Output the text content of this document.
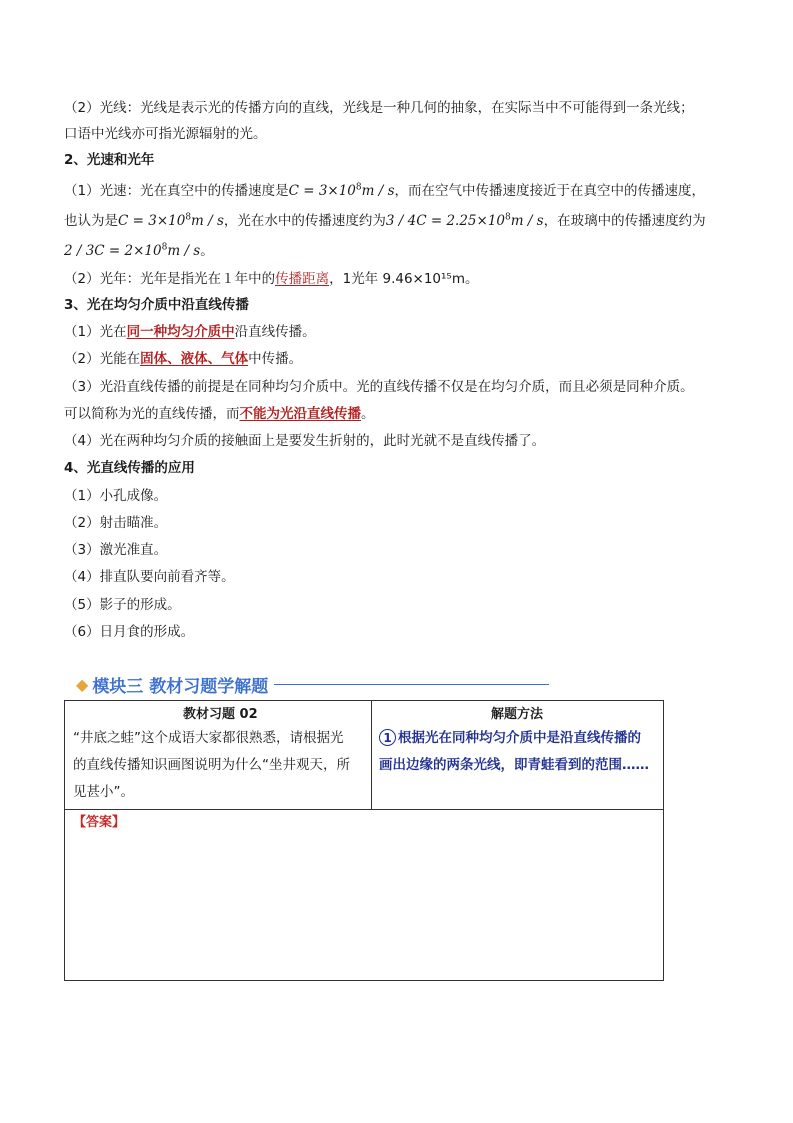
（2）光线：光线是表示光的传播方向的直线，光线是一种几何的抽象，在实际当中不可能得到一条光线；
口语中光线亦可指光源辐射的光。
2、光速和光年
（1）光速：光在真空中的传播速度是$C = 3\times 10^8m / s$，而在空气中传播速度接近于在真空中的传播速度，
也认为是$C = 3\times 10^8m / s$，光在水中的传播速度约为$3 / 4C = 2.25\times 10^8m / s$，在玻璃中的传播速度约为
$2 / 3C = 2\times 10^8m / s$。
（2）光年：光年是指光在１年中的传播距离，1光年 9.46×10¹⁵m。
3、光在均匀介质中沿直线传播
（1）光在同一种均匀介质中沿直线传播。
（2）光能在固体、液体、气体中传播。
（3）光沿直线传播的前提是在同种均匀介质中。光的直线传播不仅是在均匀介质，而且必须是同种介质。
可以简称为光的直线传播，而不能为光沿直线传播。
（4）光在两种均匀介质的接触面上是要发生折射的，此时光就不是直线传播了。
4、光直线传播的应用
（1）小孔成像。
（2）射击瞄准。
（3）激光准直。
（4）排直队要向前看齐等。
（5）影子的形成。
（6）日月食的形成。
◆ 模块三 教材习题学解题
教材习题 02
“井底之蛙”这个成语大家都很熟悉，请根据光
的直线传播知识画图说明为什么“坐井观天，所
见甚小”。
解题方法
1 根据光在同种均匀介质中是沿直线传播的
画出边缘的两条光线，即青蛙看到的范围……
【答案】
